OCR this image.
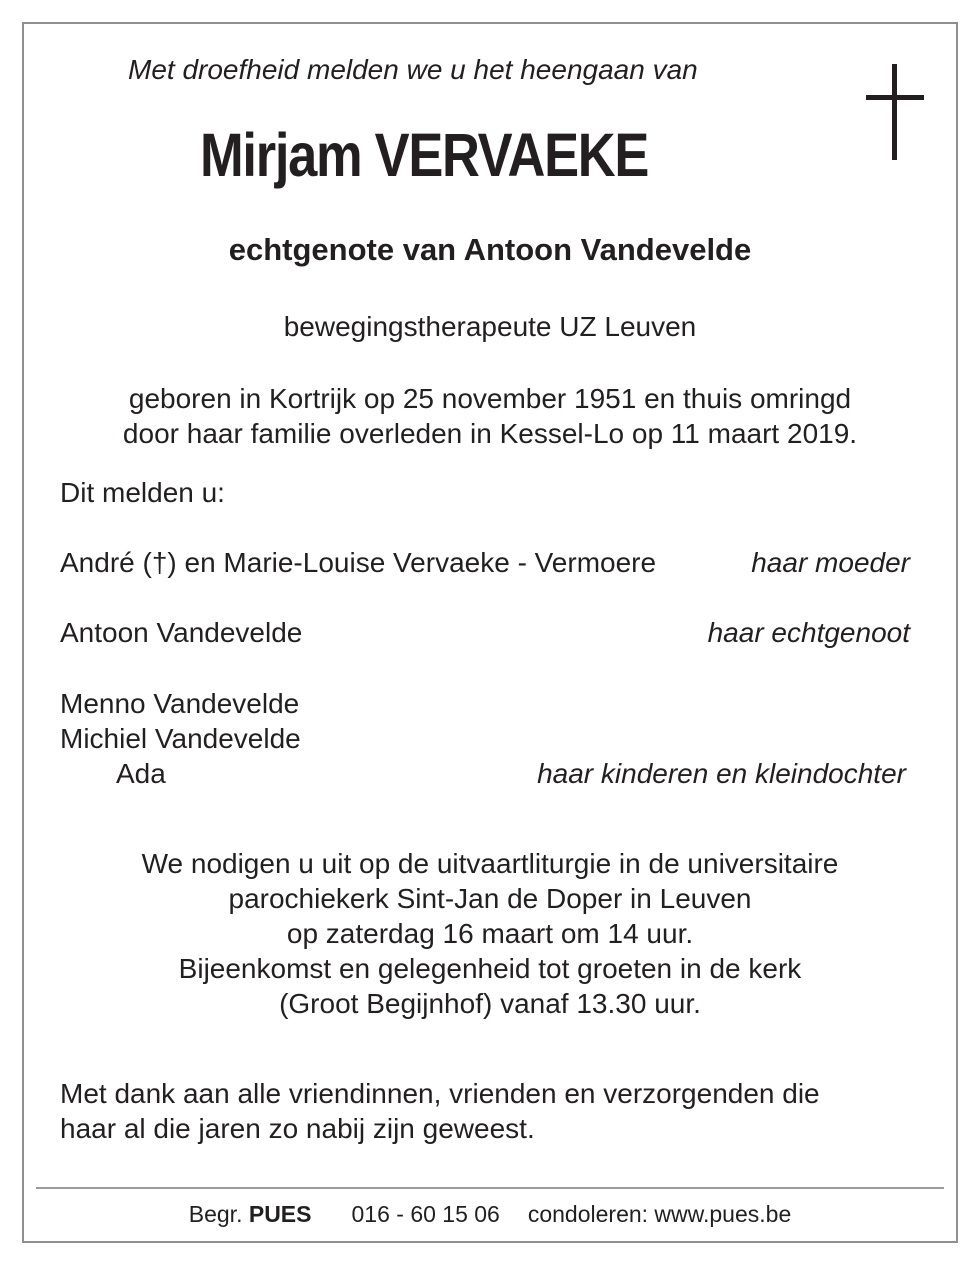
Met droefheid melden we u het heengaan van
Mirjam VERVAEKE
echtgenote van Antoon Vandevelde
bewegingstherapeute UZ Leuven
geboren in Kortrijk op 25 november 1951 en thuis omringd
door haar familie overleden in Kessel-Lo op 11 maart 2019.
Dit melden u:
André (†) en Marie-Louise Vervaeke - Vermoere	haar moeder
Antoon Vandevelde	haar echtgenoot
Menno Vandevelde
Michiel Vandevelde
Ada	haar kinderen en kleindochter
We nodigen u uit op de uitvaartliturgie in de universitaire
parochiekerk Sint-Jan de Doper in Leuven
op zaterdag 16 maart om 14 uur.
Bijeenkomst en gelegenheid tot groeten in de kerk
(Groot Begijnhof) vanaf 13.30 uur.
Met dank aan alle vriendinnen, vrienden en verzorgenden die
haar al die jaren zo nabij zijn geweest.
Begr. PUES 016 - 60 15 06 condoleren: www.pues.be
